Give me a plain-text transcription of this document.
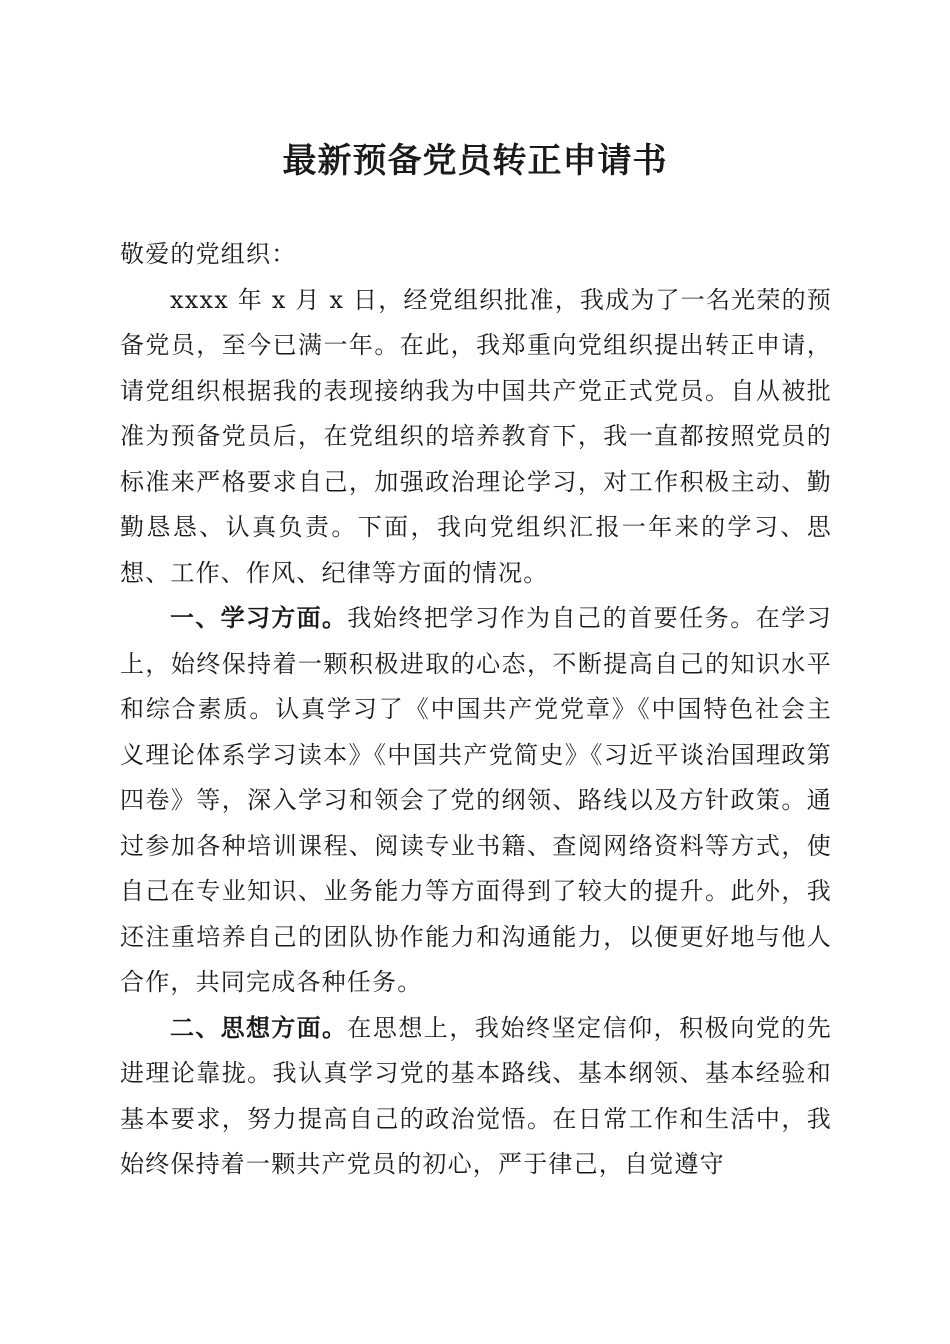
最新预备党员转正申请书

敬爱的党组织：

xxxx 年 x 月 x 日，经党组织批准，我成为了一名光荣的预备党员，至今已满一年。在此，我郑重向党组织提出转正申请，请党组织根据我的表现接纳我为中国共产党正式党员。自从被批准为预备党员后，在党组织的培养教育下，我一直都按照党员的标准来严格要求自己，加强政治理论学习，对工作积极主动、勤勤恳恳、认真负责。下面，我向党组织汇报一年来的学习、思想、工作、作风、纪律等方面的情况。

一、学习方面。我始终把学习作为自己的首要任务。在学习上，始终保持着一颗积极进取的心态，不断提高自己的知识水平和综合素质。认真学习了《中国共产党党章》《中国特色社会主义理论体系学习读本》《中国共产党简史》《习近平谈治国理政第四卷》等，深入学习和领会了党的纲领、路线以及方针政策。通过参加各种培训课程、阅读专业书籍、查阅网络资料等方式，使自己在专业知识、业务能力等方面得到了较大的提升。此外，我还注重培养自己的团队协作能力和沟通能力，以便更好地与他人合作，共同完成各种任务。

二、思想方面。在思想上，我始终坚定信仰，积极向党的先进理论靠拢。我认真学习党的基本路线、基本纲领、基本经验和基本要求，努力提高自己的政治觉悟。在日常工作和生活中，我始终保持着一颗共产党员的初心，严于律己，自觉遵守
